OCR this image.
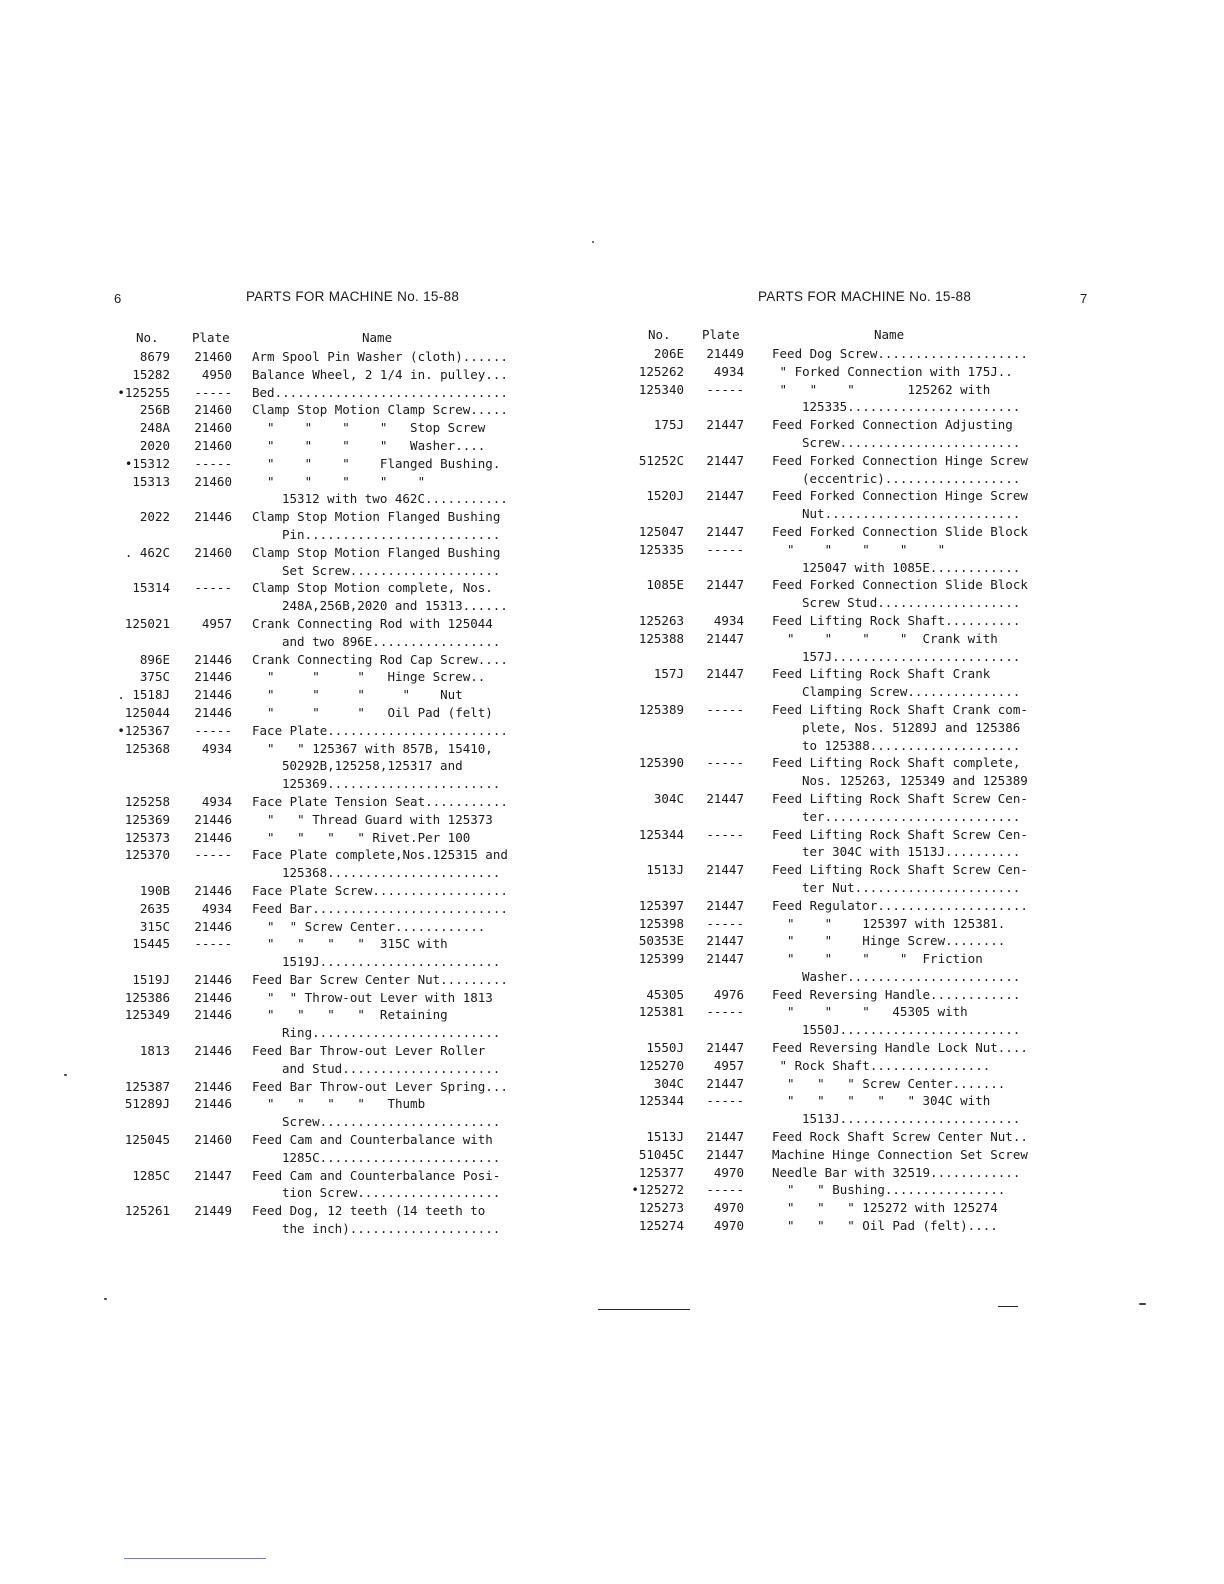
6	PARTS FOR MACHINE No. 15-88	PARTS FOR MACHINE No. 15-88	7
No.	Plate	Name
8679	21460 Arm Spool Pin Washer (cloth)......
15282	4950 Balance Wheel, 2 1/4 in. pulley...
•125255	----- Bed...............................
256B	21460 Clamp Stop Motion Clamp Screw.....
248A	21460 "    "    "    "   Stop Screw
2020	21460 "    "    "    "   Washer....
•15312	----- "    "    "    Flanged Bushing.
15313	21460 "    "    "    "    "
15312 with two 462C...........
2022	21446 Clamp Stop Motion Flanged Bushing
Pin..........................
. 462C	21460 Clamp Stop Motion Flanged Bushing
Set Screw....................
15314	----- Clamp Stop Motion complete, Nos.
248A,256B,2020 and 15313......
125021	4957 Crank Connecting Rod with 125044
and two 896E.................
896E	21446 Crank Connecting Rod Cap Screw....
375C	21446 "     "     "   Hinge Screw..
. 1518J	21446 "     "     "     "    Nut
125044	21446 "     "     "   Oil Pad (felt)
•125367	----- Face Plate........................
125368	4934 "   " 125367 with 857B, 15410,
50292B,125258,125317 and
125369.......................
125258	4934 Face Plate Tension Seat...........
125369	21446 "   " Thread Guard with 125373
125373	21446 "   "   "   " Rivet.Per 100
125370	----- Face Plate complete,Nos.125315 and
125368.......................
190B	21446 Face Plate Screw..................
2635	4934 Feed Bar..........................
315C	21446 "  " Screw Center............
15445	----- "   "   "   "  315C with
1519J........................
1519J	21446 Feed Bar Screw Center Nut.........
125386	21446 "  " Throw-out Lever with 1813
125349	21446 "   "   "   "  Retaining
Ring.........................
1813	21446 Feed Bar Throw-out Lever Roller
and Stud.....................
125387	21446 Feed Bar Throw-out Lever Spring...
51289J	21446 "   "   "   "   Thumb
Screw........................
125045	21460 Feed Cam and Counterbalance with
1285C........................
1285C	21447 Feed Cam and Counterbalance Posi-
tion Screw...................
125261	21449 Feed Dog, 12 teeth (14 teeth to
the inch)....................
No.	Plate	Name
206E	21449 Feed Dog Screw....................
125262	4934 " Forked Connection with 175J..
125340	----- "   "    "       125262 with
125335.......................
175J	21447 Feed Forked Connection Adjusting
Screw........................
51252C	21447 Feed Forked Connection Hinge Screw
(eccentric)..................
1520J	21447 Feed Forked Connection Hinge Screw
Nut..........................
125047	21447 Feed Forked Connection Slide Block
125335	----- "    "    "    "    "
125047 with 1085E............
1085E	21447 Feed Forked Connection Slide Block
Screw Stud...................
125263	4934 Feed Lifting Rock Shaft..........
125388	21447 "    "    "    "  Crank with
157J.........................
157J	21447 Feed Lifting Rock Shaft Crank
Clamping Screw...............
125389	----- Feed Lifting Rock Shaft Crank com-
plete, Nos. 51289J and 125386
to 125388....................
125390	----- Feed Lifting Rock Shaft complete,
Nos. 125263, 125349 and 125389
304C	21447 Feed Lifting Rock Shaft Screw Cen-
ter..........................
125344	----- Feed Lifting Rock Shaft Screw Cen-
ter 304C with 1513J..........
1513J	21447 Feed Lifting Rock Shaft Screw Cen-
ter Nut......................
125397	21447 Feed Regulator....................
125398	----- "    "    125397 with 125381.
50353E	21447 "    "    Hinge Screw........
125399	21447 "    "    "    "  Friction
Washer.......................
45305	4976 Feed Reversing Handle............
125381	----- "    "    "   45305 with
1550J........................
1550J	21447 Feed Reversing Handle Lock Nut....
125270	4957 " Rock Shaft................
304C	21447 "   "   " Screw Center.......
125344	----- "   "   "   "   " 304C with
1513J........................
1513J	21447 Feed Rock Shaft Screw Center Nut..
51045C	21447 Machine Hinge Connection Set Screw
125377	4970 Needle Bar with 32519............
•125272	----- "   " Bushing................
125273	4970 "   "   " 125272 with 125274
125274	4970 "   "   " Oil Pad (felt)....
